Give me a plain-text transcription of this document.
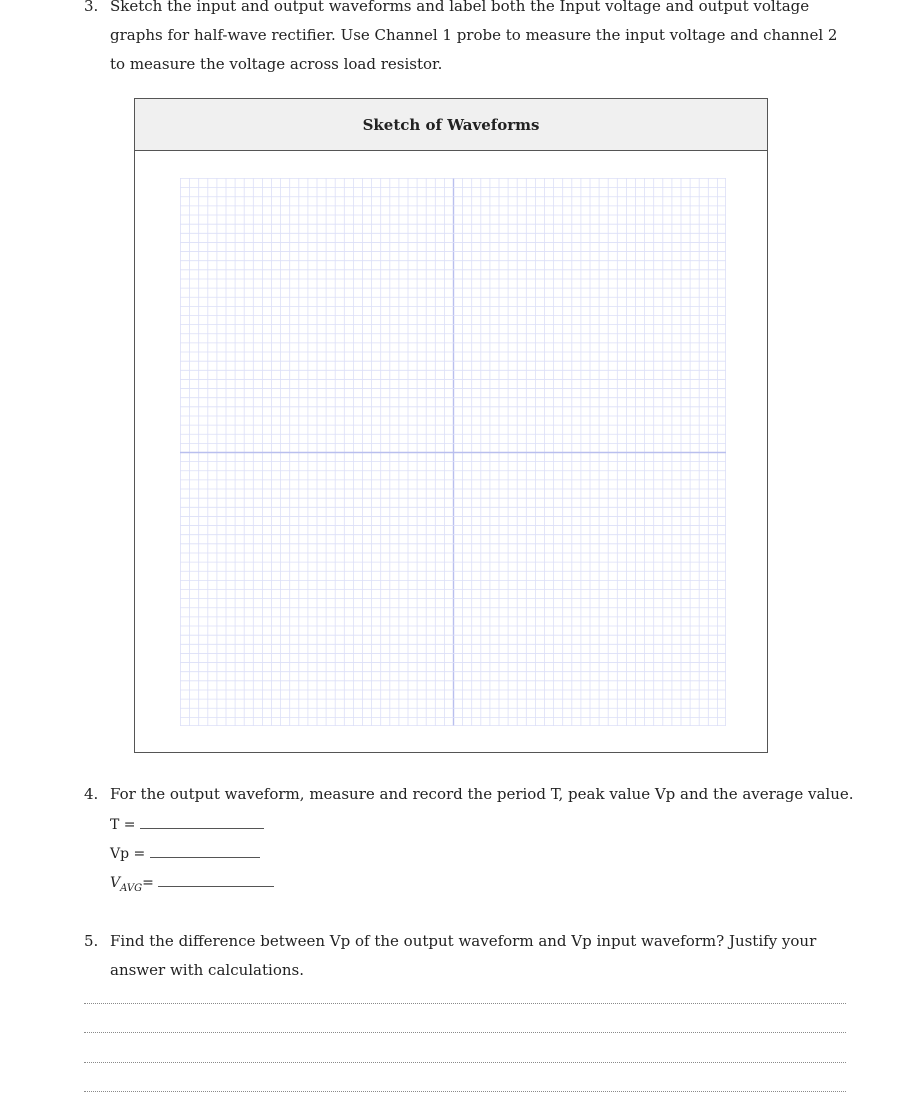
3. Sketch the input and output waveforms and label both the Input voltage and output voltage graphs for half-wave rectifier. Use Channel 1 probe to measure the input voltage and channel 2 to measure the voltage across load resistor.
Sketch of Waveforms
4. For the output waveform, measure and record the period T, peak value Vp and the average value.
T =
Vp =
$V_{AVG}=$
5. Find the difference between Vp of the output waveform and Vp input waveform? Justify your answer with calculations.
